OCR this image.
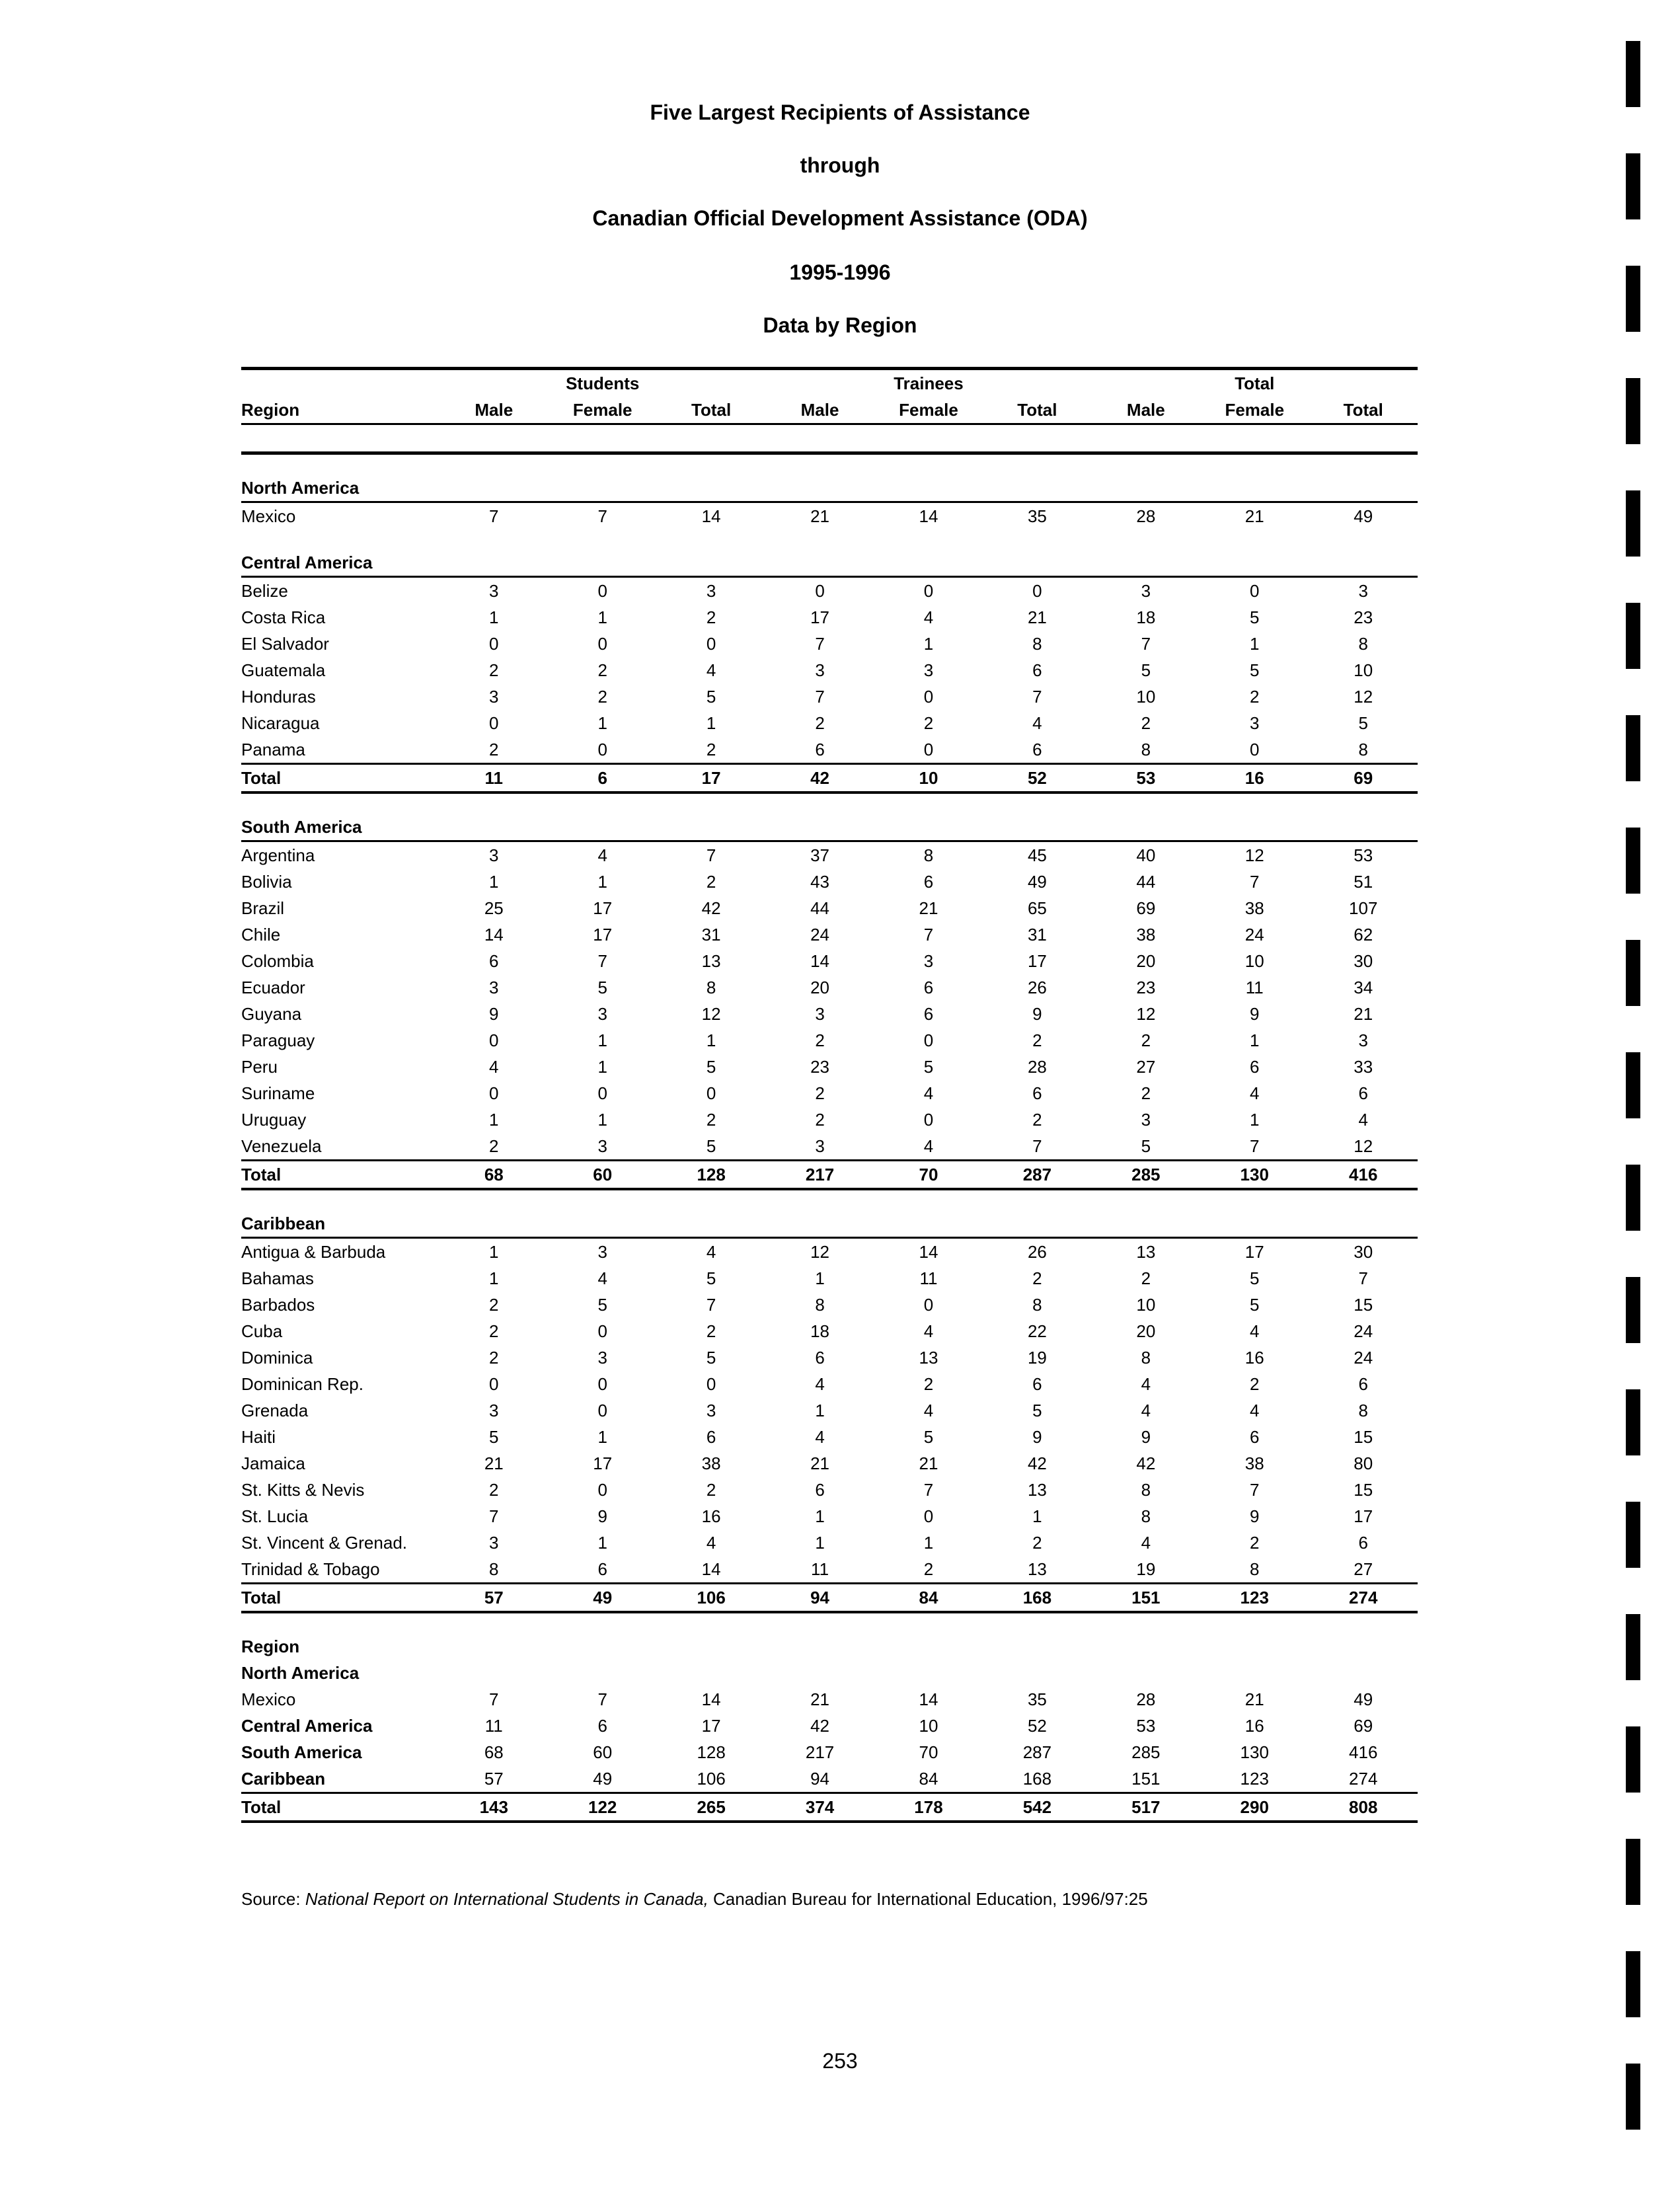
Five Largest Recipients of Assistance
through
Canadian Official Development Assistance (ODA)
1995-1996
Data by Region
	Students			Trainees			Total		
Region	Male	Female	Total	Male	Female	Total	Male	Female	Total

North America									
Mexico	7	7	14	21	14	35	28	21	49
Central America									
Belize	3	0	3	0	0	0	3	0	3
Costa Rica	1	1	2	17	4	21	18	5	23
El Salvador	0	0	0	7	1	8	7	1	8
Guatemala	2	2	4	3	3	6	5	5	10
Honduras	3	2	5	7	0	7	10	2	12
Nicaragua	0	1	1	2	2	4	2	3	5
Panama	2	0	2	6	0	6	8	0	8
Total	11	6	17	42	10	52	53	16	69
South America									
Argentina	3	4	7	37	8	45	40	12	53
Bolivia	1	1	2	43	6	49	44	7	51
Brazil	25	17	42	44	21	65	69	38	107
Chile	14	17	31	24	7	31	38	24	62
Colombia	6	7	13	14	3	17	20	10	30
Ecuador	3	5	8	20	6	26	23	11	34
Guyana	9	3	12	3	6	9	12	9	21
Paraguay	0	1	1	2	0	2	2	1	3
Peru	4	1	5	23	5	28	27	6	33
Suriname	0	0	0	2	4	6	2	4	6
Uruguay	1	1	2	2	0	2	3	1	4
Venezuela	2	3	5	3	4	7	5	7	12
Total	68	60	128	217	70	287	285	130	416
Caribbean									
Antigua & Barbuda	1	3	4	12	14	26	13	17	30
Bahamas	1	4	5	1	11	2	2	5	7
Barbados	2	5	7	8	0	8	10	5	15
Cuba	2	0	2	18	4	22	20	4	24
Dominica	2	3	5	6	13	19	8	16	24
Dominican Rep.	0	0	0	4	2	6	4	2	6
Grenada	3	0	3	1	4	5	4	4	8
Haiti	5	1	6	4	5	9	9	6	15
Jamaica	21	17	38	21	21	42	42	38	80
St. Kitts & Nevis	2	0	2	6	7	13	8	7	15
St. Lucia	7	9	16	1	0	1	8	9	17
St. Vincent & Grenad.	3	1	4	1	1	2	4	2	6
Trinidad & Tobago	8	6	14	11	2	13	19	8	27
Total	57	49	106	94	84	168	151	123	274
Region									
North America									
Mexico	7	7	14	21	14	35	28	21	49
Central America	11	6	17	42	10	52	53	16	69
South America	68	60	128	217	70	287	285	130	416
Caribbean	57	49	106	94	84	168	151	123	274
Total	143	122	265	374	178	542	517	290	808
Source: National Report on International Students in Canada, Canadian Bureau for International Education, 1996/97:25
253
